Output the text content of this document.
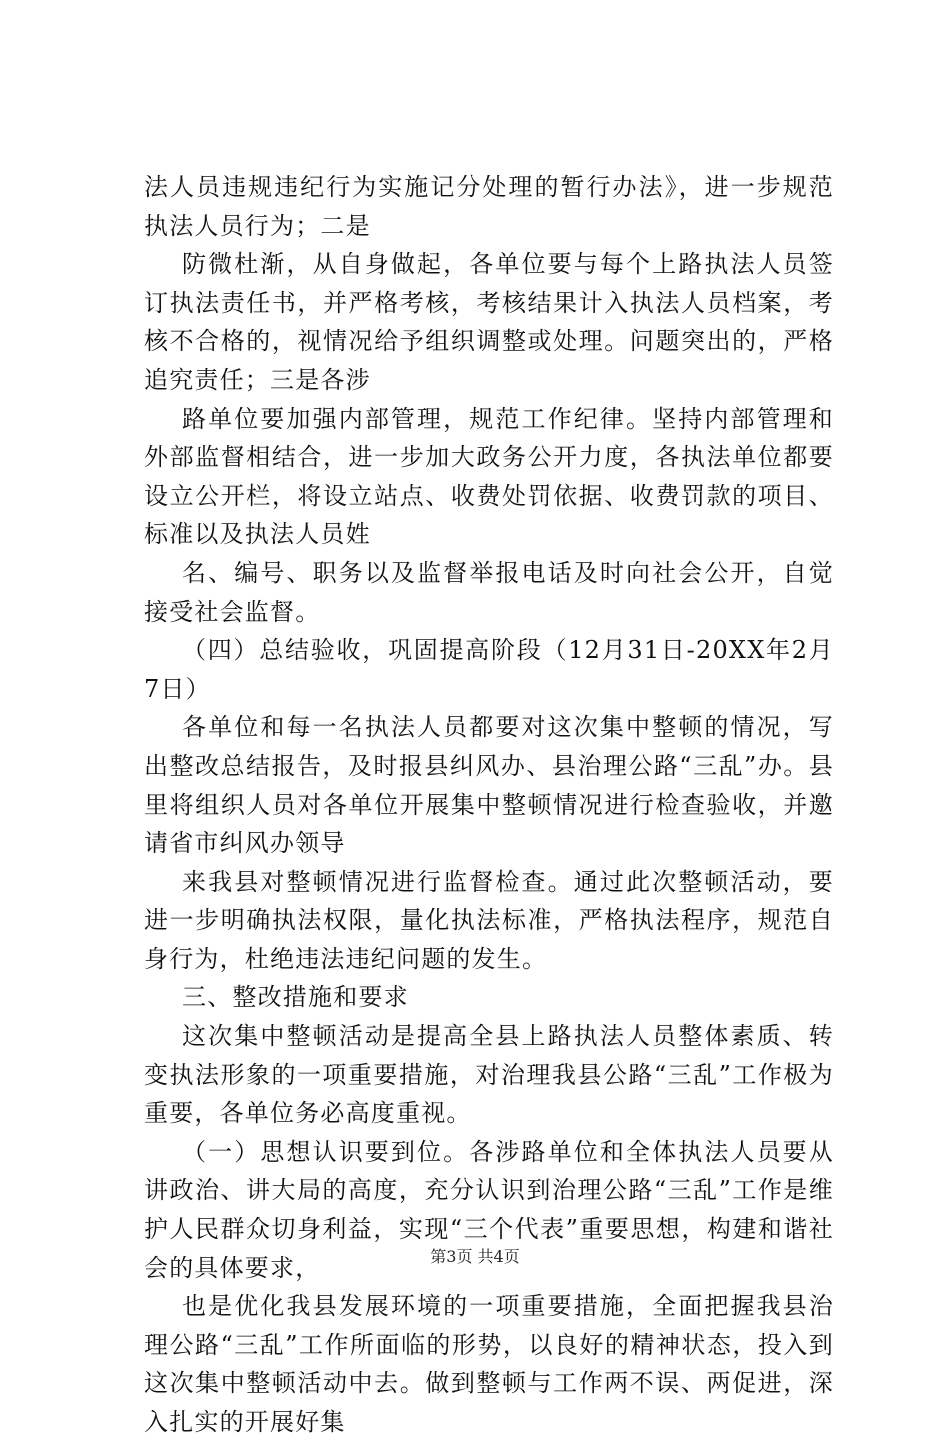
法人员违规违纪行为实施记分处理的暂行办法》，进一步规范执法人员行为；二是

防微杜渐，从自身做起，各单位要与每个上路执法人员签订执法责任书，并严格考核，考核结果计入执法人员档案，考核不合格的，视情况给予组织调整或处理。问题突出的，严格追究责任；三是各涉

路单位要加强内部管理，规范工作纪律。坚持内部管理和外部监督相结合，进一步加大政务公开力度，各执法单位都要设立公开栏，将设立站点、收费处罚依据、收费罚款的项目、标准以及执法人员姓

名、编号、职务以及监督举报电话及时向社会公开，自觉接受社会监督。

（四）总结验收，巩固提高阶段（12月31日-20XX年2月7日）

各单位和每一名执法人员都要对这次集中整顿的情况，写出整改总结报告，及时报县纠风办、县治理公路“三乱”办。县里将组织人员对各单位开展集中整顿情况进行检查验收，并邀请省市纠风办领导

来我县对整顿情况进行监督检查。通过此次整顿活动，要进一步明确执法权限，量化执法标准，严格执法程序，规范自身行为，杜绝违法违纪问题的发生。

三、整改措施和要求

这次集中整顿活动是提高全县上路执法人员整体素质、转变执法形象的一项重要措施，对治理我县公路“三乱”工作极为重要，各单位务必高度重视。

（一）思想认识要到位。各涉路单位和全体执法人员要从讲政治、讲大局的高度，充分认识到治理公路“三乱”工作是维护人民群众切身利益，实现“三个代表”重要思想，构建和谐社会的具体要求，

也是优化我县发展环境的一项重要措施，全面把握我县治理公路“三乱”工作所面临的形势，以良好的精神状态，投入到这次集中整顿活动中去。做到整顿与工作两不误、两促进，深入扎实的开展好集

第3页 共4页
